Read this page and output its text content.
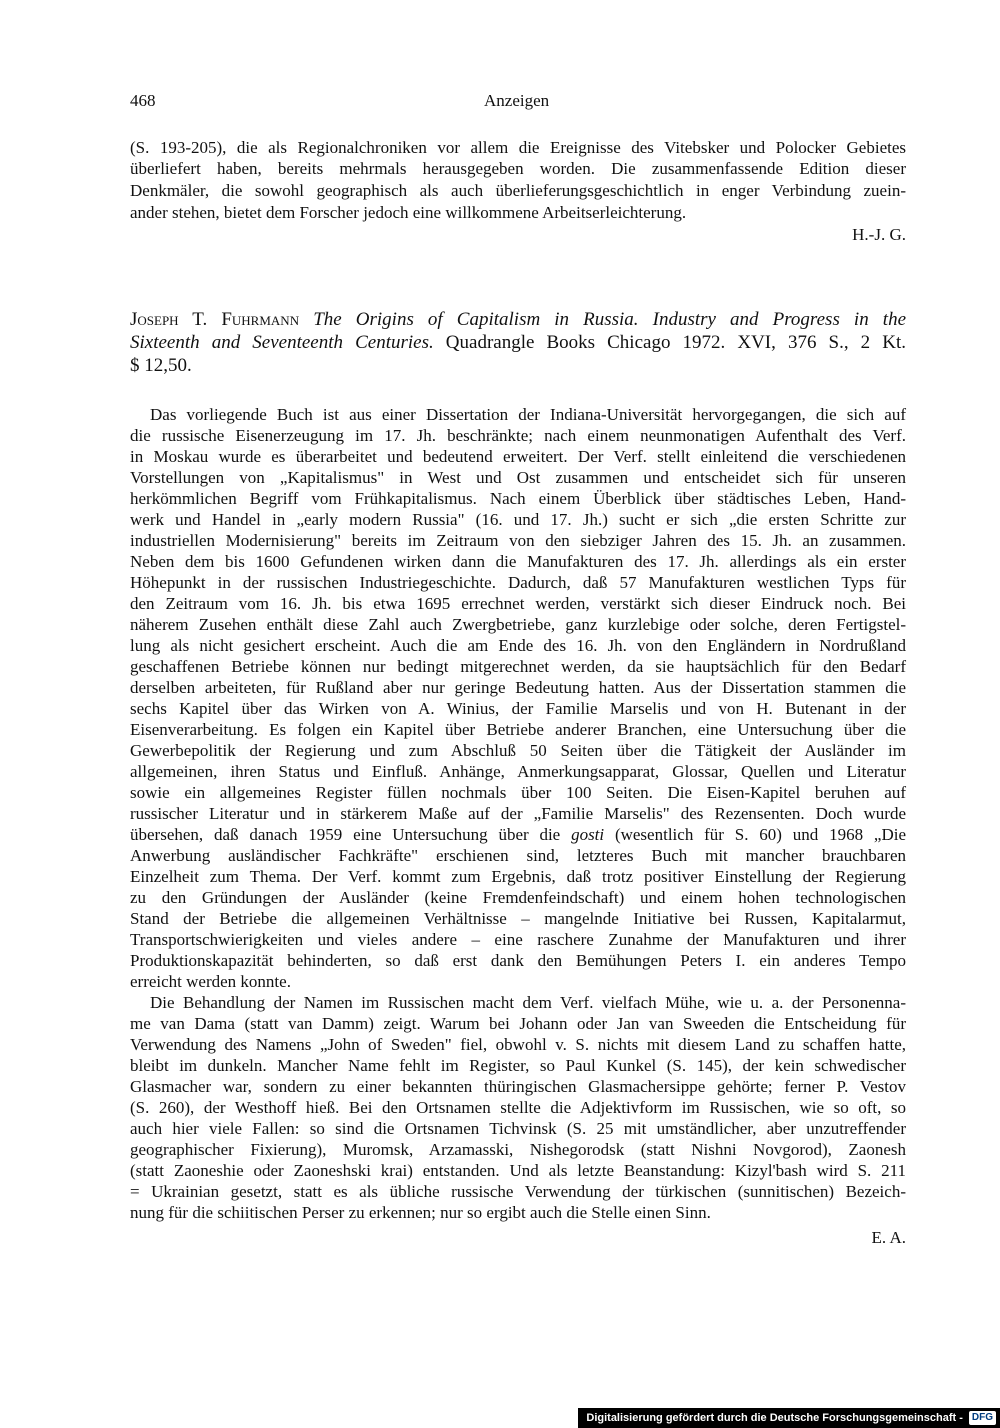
468	Anzeigen
(S. 193-205), die als Regionalchroniken vor allem die Ereignisse des Vitebsker und Polocker Gebietes
überliefert haben, bereits mehrmals herausgegeben worden. Die zusammenfassende Edition dieser
Denkmäler, die sowohl geographisch als auch überlieferungsgeschichtlich in enger Verbindung zuein-
ander stehen, bietet dem Forscher jedoch eine willkommene Arbeitserleichterung.
H.-J. G.
Joseph T. Fuhrmann The Origins of Capitalism in Russia. Industry and Progress in the
Sixteenth and Seventeenth Centuries. Quadrangle Books Chicago 1972. XVI, 376 S., 2 Kt.
$ 12,50.
Das vorliegende Buch ist aus einer Dissertation der Indiana-Universität hervorgegangen, die sich auf
die russische Eisenerzeugung im 17. Jh. beschränkte; nach einem neunmonatigen Aufenthalt des Verf.
in Moskau wurde es überarbeitet und bedeutend erweitert. Der Verf. stellt einleitend die verschiedenen
Vorstellungen von „Kapitalismus" in West und Ost zusammen und entscheidet sich für unseren
herkömmlichen Begriff vom Frühkapitalismus. Nach einem Überblick über städtisches Leben, Hand-
werk und Handel in „early modern Russia" (16. und 17. Jh.) sucht er sich „die ersten Schritte zur
industriellen Modernisierung" bereits im Zeitraum von den siebziger Jahren des 15. Jh. an zusammen.
Neben dem bis 1600 Gefundenen wirken dann die Manufakturen des 17. Jh. allerdings als ein erster
Höhepunkt in der russischen Industriegeschichte. Dadurch, daß 57 Manufakturen westlichen Typs für
den Zeitraum vom 16. Jh. bis etwa 1695 errechnet werden, verstärkt sich dieser Eindruck noch. Bei
näherem Zusehen enthält diese Zahl auch Zwergbetriebe, ganz kurzlebige oder solche, deren Fertigstel-
lung als nicht gesichert erscheint. Auch die am Ende des 16. Jh. von den Engländern in Nordrußland
geschaffenen Betriebe können nur bedingt mitgerechnet werden, da sie hauptsächlich für den Bedarf
derselben arbeiteten, für Rußland aber nur geringe Bedeutung hatten. Aus der Dissertation stammen die
sechs Kapitel über das Wirken von A. Winius, der Familie Marselis und von H. Butenant in der
Eisenverarbeitung. Es folgen ein Kapitel über Betriebe anderer Branchen, eine Untersuchung über die
Gewerbepolitik der Regierung und zum Abschluß 50 Seiten über die Tätigkeit der Ausländer im
allgemeinen, ihren Status und Einfluß. Anhänge, Anmerkungsapparat, Glossar, Quellen und Literatur
sowie ein allgemeines Register füllen nochmals über 100 Seiten. Die Eisen-Kapitel beruhen auf
russischer Literatur und in stärkerem Maße auf der „Familie Marselis" des Rezensenten. Doch wurde
übersehen, daß danach 1959 eine Untersuchung über die gosti (wesentlich für S. 60) und 1968 „Die
Anwerbung ausländischer Fachkräfte" erschienen sind, letzteres Buch mit mancher brauchbaren
Einzelheit zum Thema. Der Verf. kommt zum Ergebnis, daß trotz positiver Einstellung der Regierung
zu den Gründungen der Ausländer (keine Fremdenfeindschaft) und einem hohen technologischen
Stand der Betriebe die allgemeinen Verhältnisse – mangelnde Initiative bei Russen, Kapitalarmut,
Transportschwierigkeiten und vieles andere – eine raschere Zunahme der Manufakturen und ihrer
Produktionskapazität behinderten, so daß erst dank den Bemühungen Peters I. ein anderes Tempo
erreicht werden konnte.
Die Behandlung der Namen im Russischen macht dem Verf. vielfach Mühe, wie u. a. der Personenna-
me van Dama (statt van Damm) zeigt. Warum bei Johann oder Jan van Sweeden die Entscheidung für
Verwendung des Namens „John of Sweden" fiel, obwohl v. S. nichts mit diesem Land zu schaffen hatte,
bleibt im dunkeln. Mancher Name fehlt im Register, so Paul Kunkel (S. 145), der kein schwedischer
Glasmacher war, sondern zu einer bekannten thüringischen Glasmachersippe gehörte; ferner P. Vestov
(S. 260), der Westhoff hieß. Bei den Ortsnamen stellte die Adjektivform im Russischen, wie so oft, so
auch hier viele Fallen: so sind die Ortsnamen Tichvinsk (S. 25 mit umständlicher, aber unzutreffender
geographischer Fixierung), Muromsk, Arzamasski, Nishegorodsk (statt Nishni Novgorod), Zaonesh
(statt Zaoneshie oder Zaoneshski krai) entstanden. Und als letzte Beanstandung: Kizyl'bash wird S. 211
= Ukrainian gesetzt, statt es als übliche russische Verwendung der türkischen (sunnitischen) Bezeich-
nung für die schiitischen Perser zu erkennen; nur so ergibt auch die Stelle einen Sinn.
E. A.
Digitalisierung gefördert durch die Deutsche Forschungsgemeinschaft - DFG
